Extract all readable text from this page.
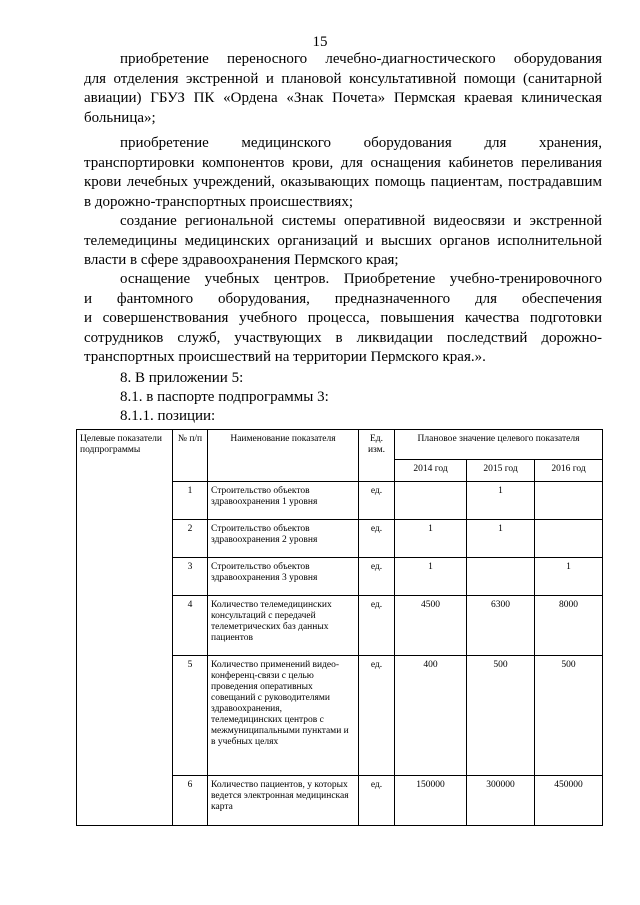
15
приобретение переносного лечебно-диагностического оборудования
для отделения экстренной и плановой консультативной помощи (санитарной
авиации) ГБУЗ ПК «Ордена «Знак Почета» Пермская краевая клиническая
больница»;
приобретение медицинского оборудования для хранения,
транспортировки компонентов крови, для оснащения кабинетов переливания
крови лечебных учреждений, оказывающих помощь пациентам, пострадавшим
в дорожно-транспортных происшествиях;
создание региональной системы оперативной видеосвязи и экстренной
телемедицины медицинских организаций и высших органов исполнительной
власти в сфере здравоохранения Пермского края;
оснащение учебных центров. Приобретение учебно-тренировочного
и фантомного оборудования, предназначенного для обеспечения
и совершенствования учебного процесса, повышения качества подготовки
сотрудников служб, участвующих в ликвидации последствий дорожно-
транспортных происшествий на территории Пермского края.».

8. В приложении 5:

8.1. в паспорте подпрограммы 3:

8.1.1. позиции:

Целевые показатели подпрограммы	№ п/п	Наименование показателя	Ед. изм.	Плановое значение целевого показателя		
				2014 год	2015 год	2016 год
	1	Строительство объектов здравоохранения 1 уровня	ед.		1	
	2	Строительство объектов здравоохранения 2 уровня	ед.	1	1	
	3	Строительство объектов здравоохранения 3 уровня	ед.	1		1
	4	Количество телемедицинских консультаций с передачей телеметрических баз данных пациентов	ед.	4500	6300	8000
	5	Количество применений видео-конференц-связи с целью проведения оперативных совещаний с руководителями здравоохранения, телемедицинских центров с межмуниципальными пунктами и в учебных целях	ед.	400	500	500
	6	Количество пациентов, у которых ведется электронная медицинская карта	ед.	150000	300000	450000
